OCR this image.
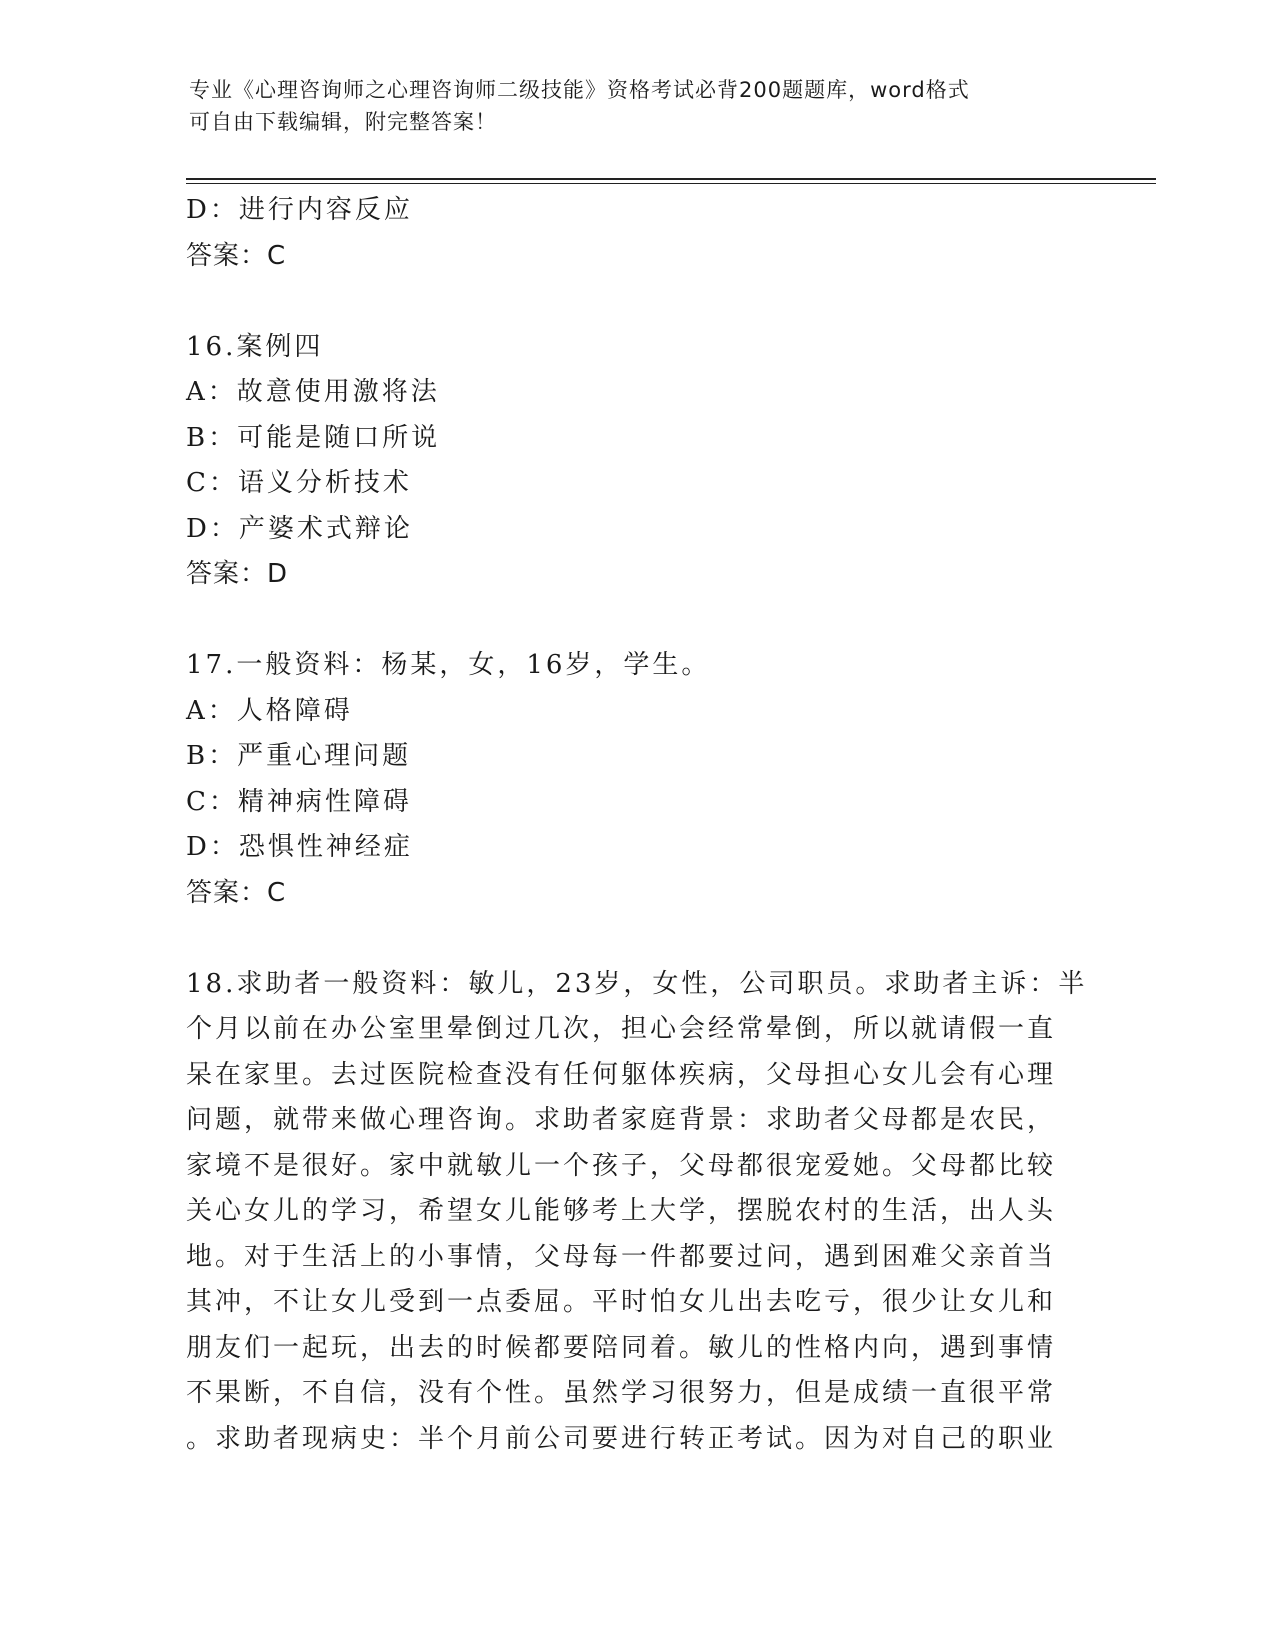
专业《心理咨询师之心理咨询师二级技能》资格考试必背200题题库，word格式
可自由下载编辑，附完整答案！
D：进行内容反应
答案：C
16.案例四
A：故意使用激将法
B：可能是随口所说
C：语义分析技术
D：产婆术式辩论
答案：D
17.一般资料：杨某，女，16岁，学生。
A：人格障碍
B：严重心理问题
C：精神病性障碍
D：恐惧性神经症
答案：C
18.求助者一般资料：敏儿，23岁，女性，公司职员。求助者主诉：半
个月以前在办公室里晕倒过几次，担心会经常晕倒，所以就请假一直
呆在家里。去过医院检查没有任何躯体疾病，父母担心女儿会有心理
问题，就带来做心理咨询。求助者家庭背景：求助者父母都是农民，
家境不是很好。家中就敏儿一个孩子，父母都很宠爱她。父母都比较
关心女儿的学习，希望女儿能够考上大学，摆脱农村的生活，出人头
地。对于生活上的小事情，父母每一件都要过问，遇到困难父亲首当
其冲，不让女儿受到一点委屈。平时怕女儿出去吃亏，很少让女儿和
朋友们一起玩，出去的时候都要陪同着。敏儿的性格内向，遇到事情
不果断，不自信，没有个性。虽然学习很努力，但是成绩一直很平常
。求助者现病史：半个月前公司要进行转正考试。因为对自己的职业
